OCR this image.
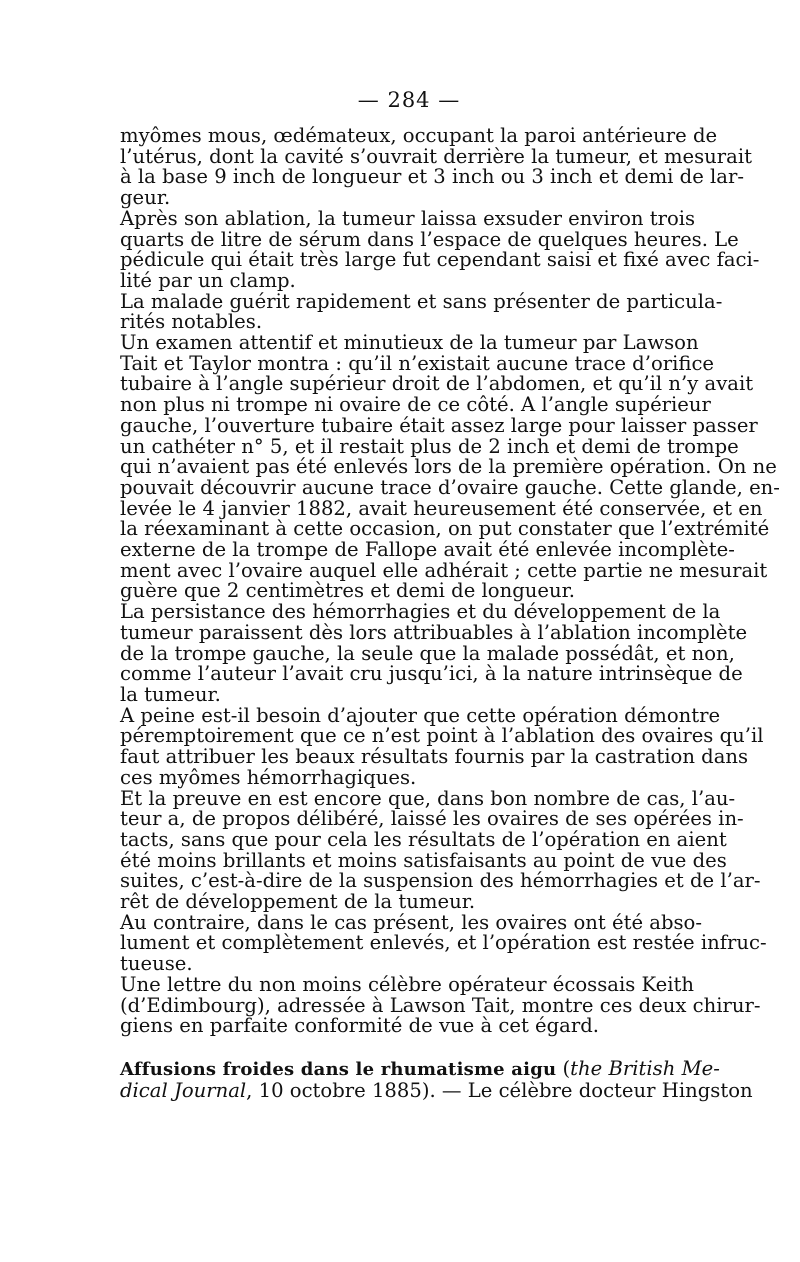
— 284 —
myômes mous, œdémateux, occupant la paroi antérieure de
l’utérus, dont la cavité s’ouvrait derrière la tumeur, et mesurait
à la base 9 inch de longueur et 3 inch ou 3 inch et demi de lar-
geur.
Après son ablation, la tumeur laissa exsuder environ trois
quarts de litre de sérum dans l’espace de quelques heures. Le
pédicule qui était très large fut cependant saisi et fixé avec faci-
lité par un clamp.
La malade guérit rapidement et sans présenter de particula-
rités notables.
Un examen attentif et minutieux de la tumeur par Lawson
Tait et Taylor montra : qu’il n’existait aucune trace d’orifice
tubaire à l’angle supérieur droit de l’abdomen, et qu’il n’y avait
non plus ni trompe ni ovaire de ce côté. A l’angle supérieur
gauche, l’ouverture tubaire était assez large pour laisser passer
un cathéter n° 5, et il restait plus de 2 inch et demi de trompe
qui n’avaient pas été enlevés lors de la première opération. On ne
pouvait découvrir aucune trace d’ovaire gauche. Cette glande, en-
levée le 4 janvier 1882, avait heureusement été conservée, et en
la réexaminant à cette occasion, on put constater que l’extrémité
externe de la trompe de Fallope avait été enlevée incomplète-
ment avec l’ovaire auquel elle adhérait ; cette partie ne mesurait
guère que 2 centimètres et demi de longueur.
La persistance des hémorrhagies et du développement de la
tumeur paraissent dès lors attribuables à l’ablation incomplète
de la trompe gauche, la seule que la malade possédât, et non,
comme l’auteur l’avait cru jusqu’ici, à la nature intrinsèque de
la tumeur.
A peine est-il besoin d’ajouter que cette opération démontre
péremptoirement que ce n’est point à l’ablation des ovaires qu’il
faut attribuer les beaux résultats fournis par la castration dans
ces myômes hémorrhagiques.
Et la preuve en est encore que, dans bon nombre de cas, l’au-
teur a, de propos délibéré, laissé les ovaires de ses opérées in-
tacts, sans que pour cela les résultats de l’opération en aient
été moins brillants et moins satisfaisants au point de vue des
suites, c’est-à-dire de la suspension des hémorrhagies et de l’ar-
rêt de développement de la tumeur.
Au contraire, dans le cas présent, les ovaires ont été abso-
lument et complètement enlevés, et l’opération est restée infruc-
tueuse.
Une lettre du non moins célèbre opérateur écossais Keith
(d’Edimbourg), adressée à Lawson Tait, montre ces deux chirur-
giens en parfaite conformité de vue à cet égard.
Affusions froides dans le rhumatisme aigu (the British Me-
dical Journal, 10 octobre 1885). — Le célèbre docteur Hingston
